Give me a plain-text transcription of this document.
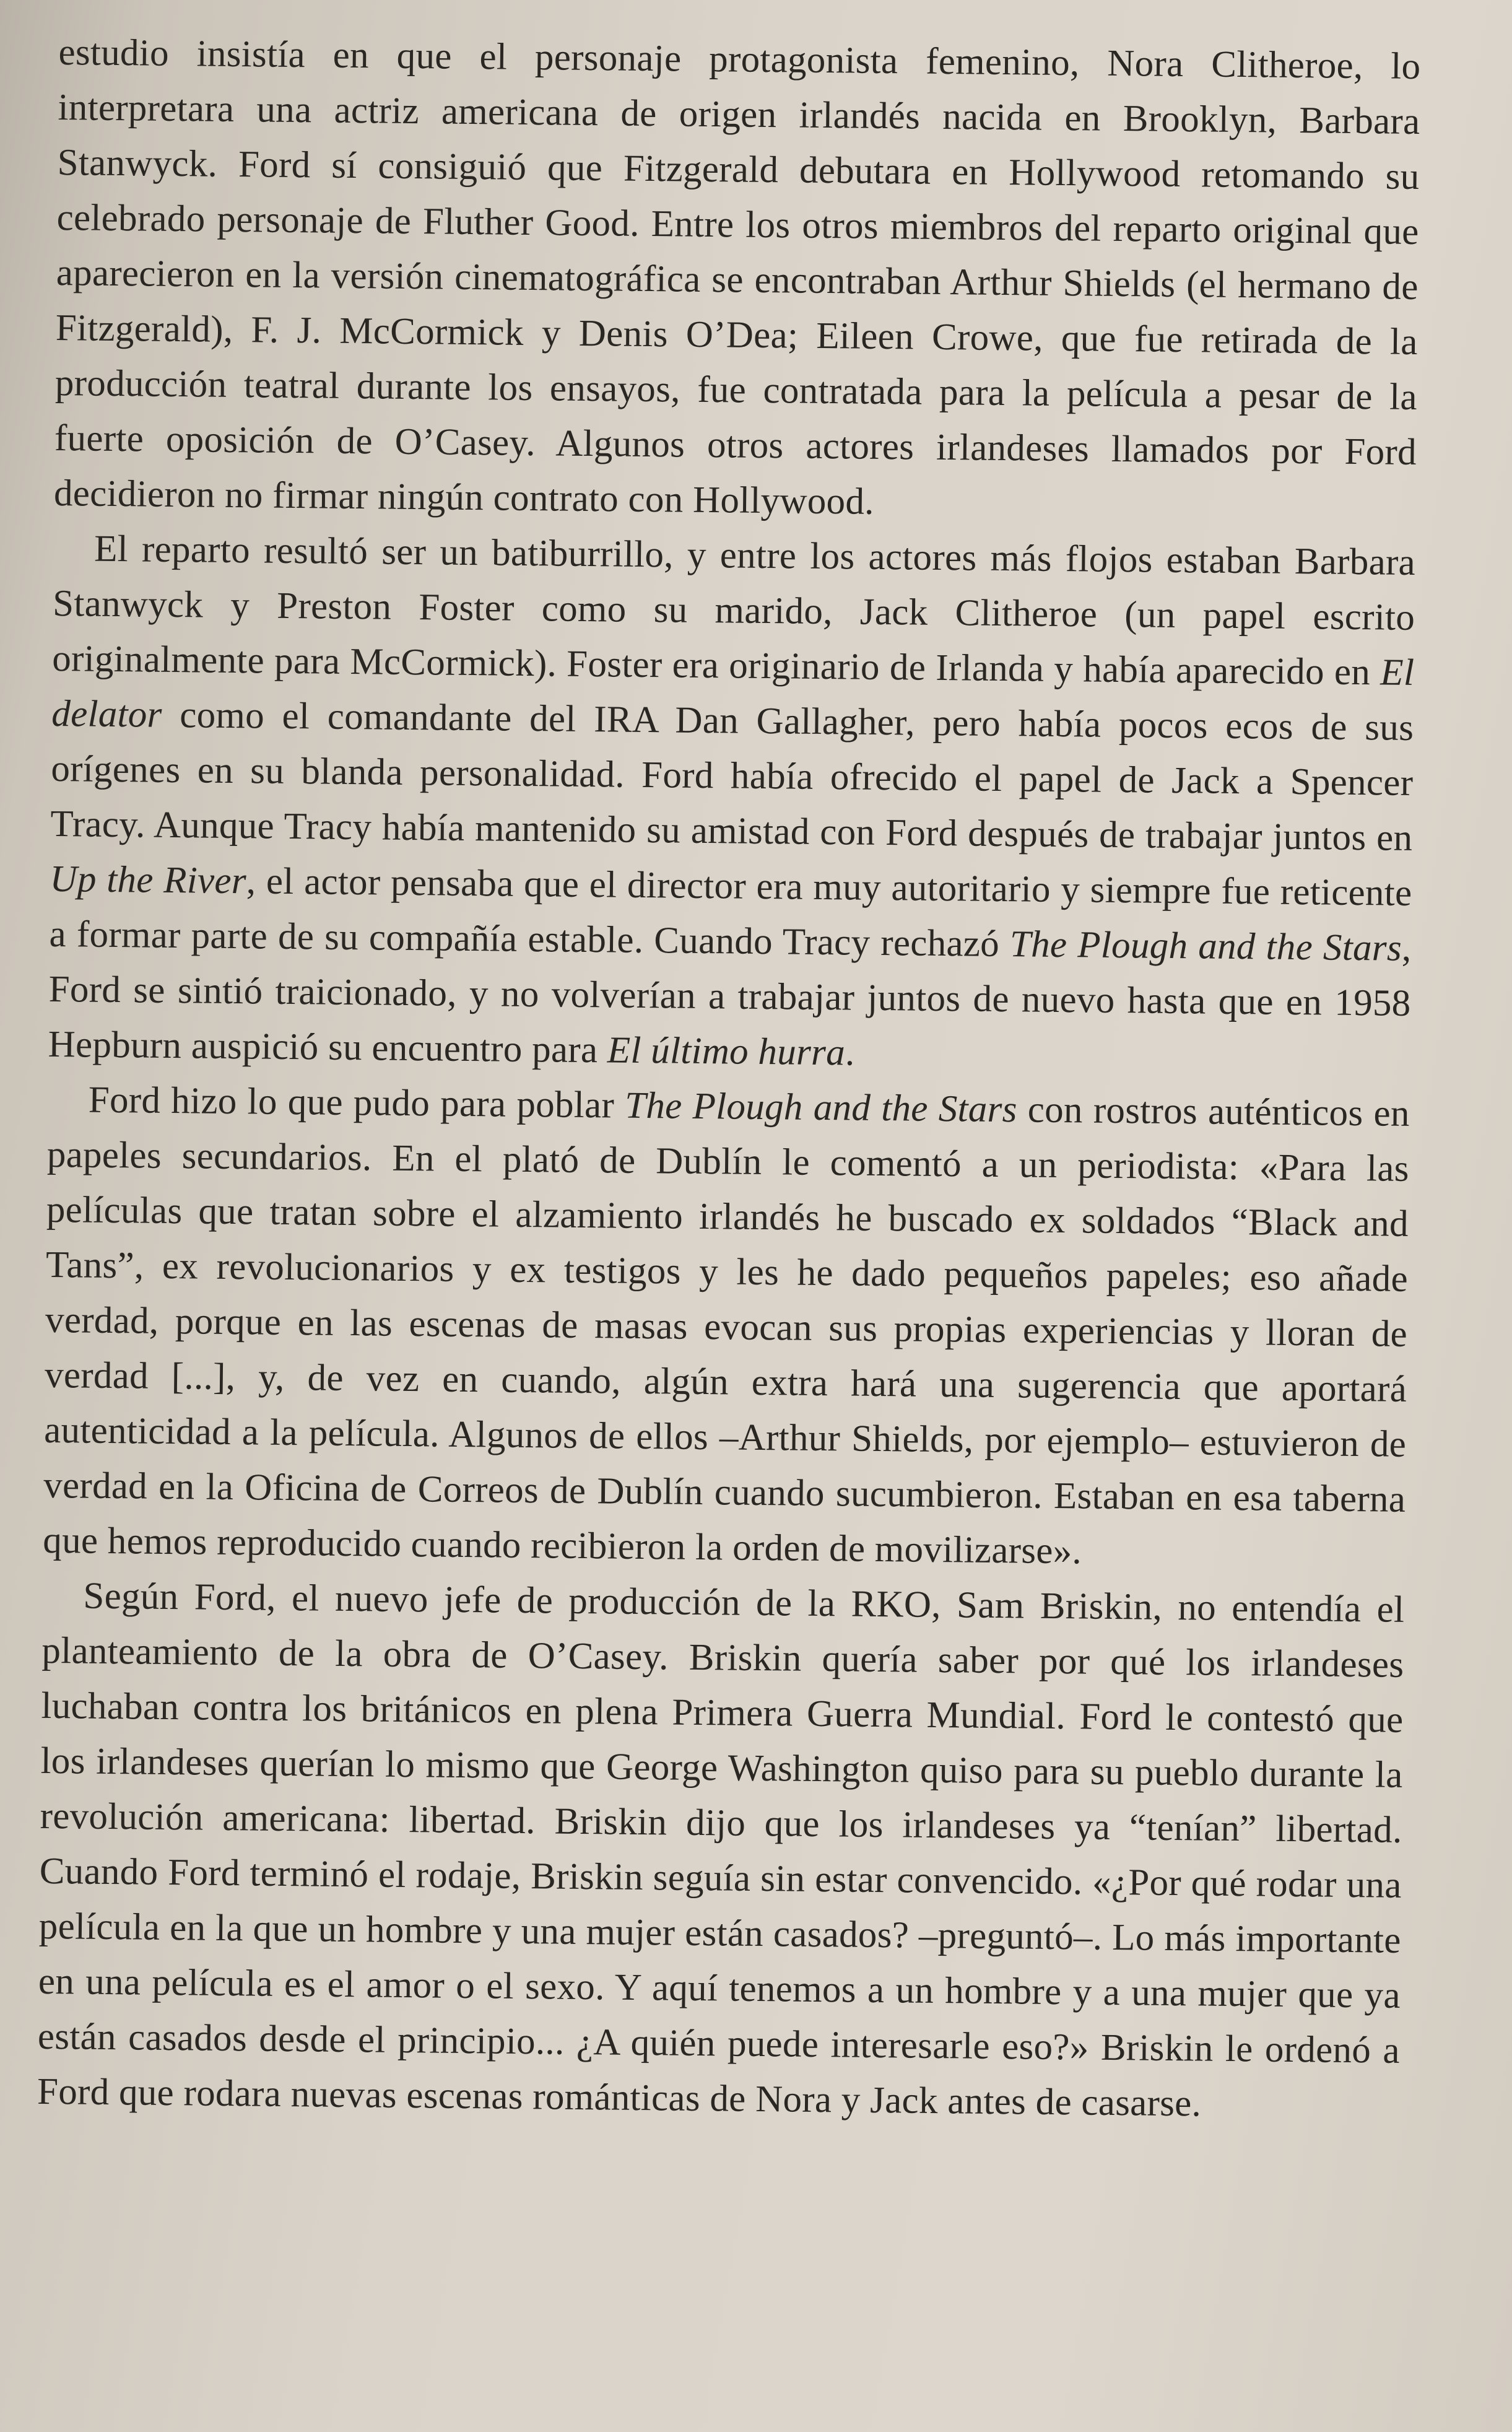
estudio insistía en que el personaje protagonista femenino, Nora Clitheroe, lo interpretara una actriz americana de origen irlandés nacida en Brooklyn, Barbara Stanwyck. Ford sí consiguió que Fitzgerald debutara en Hollywood retomando su celebrado personaje de Fluther Good. Entre los otros miembros del reparto original que aparecieron en la versión cinematográfica se encontraban Arthur Shields (el hermano de Fitzgerald), F. J. McCormick y Denis O’Dea; Eileen Crowe, que fue retirada de la producción teatral durante los ensayos, fue contratada para la película a pesar de la fuerte oposición de O’Casey. Algunos otros actores irlandeses llamados por Ford decidieron no firmar ningún contrato con Hollywood.

El reparto resultó ser un batiburrillo, y entre los actores más flojos estaban Barbara Stanwyck y Preston Foster como su marido, Jack Clitheroe (un papel escrito originalmente para McCormick). Foster era originario de Irlanda y había aparecido en El delator como el comandante del IRA Dan Gallagher, pero había pocos ecos de sus orígenes en su blanda personalidad. Ford había ofrecido el papel de Jack a Spencer Tracy. Aunque Tracy había mantenido su amistad con Ford después de trabajar juntos en Up the River, el actor pensaba que el director era muy autoritario y siempre fue reticente a formar parte de su compañía estable. Cuando Tracy rechazó The Plough and the Stars, Ford se sintió traicionado, y no volverían a trabajar juntos de nuevo hasta que en 1958 Hepburn auspició su encuentro para El último hurra.

Ford hizo lo que pudo para poblar The Plough and the Stars con rostros auténticos en papeles secundarios. En el plató de Dublín le comentó a un periodista: «Para las películas que tratan sobre el alzamiento irlandés he buscado ex soldados “Black and Tans”, ex revolucionarios y ex testigos y les he dado pequeños papeles; eso añade verdad, porque en las escenas de masas evocan sus propias experiencias y lloran de verdad [...], y, de vez en cuando, algún extra hará una sugerencia que aportará autenticidad a la película. Algunos de ellos –Arthur Shields, por ejemplo– estuvieron de verdad en la Oficina de Correos de Dublín cuando sucumbieron. Estaban en esa taberna que hemos reproducido cuando recibieron la orden de movilizarse».

Según Ford, el nuevo jefe de producción de la RKO, Sam Briskin, no entendía el planteamiento de la obra de O’Casey. Briskin quería saber por qué los irlandeses luchaban contra los británicos en plena Primera Guerra Mundial. Ford le contestó que los irlandeses querían lo mismo que George Washington quiso para su pueblo durante la revolución americana: libertad. Briskin dijo que los irlandeses ya “tenían” libertad. Cuando Ford terminó el rodaje, Briskin seguía sin estar convencido. «¿Por qué rodar una película en la que un hombre y una mujer están casados? –preguntó–. Lo más importante en una película es el amor o el sexo. Y aquí tenemos a un hombre y a una mujer que ya están casados desde el principio... ¿A quién puede interesarle eso?» Briskin le ordenó a Ford que rodara nuevas escenas románticas de Nora y Jack antes de casarse.
